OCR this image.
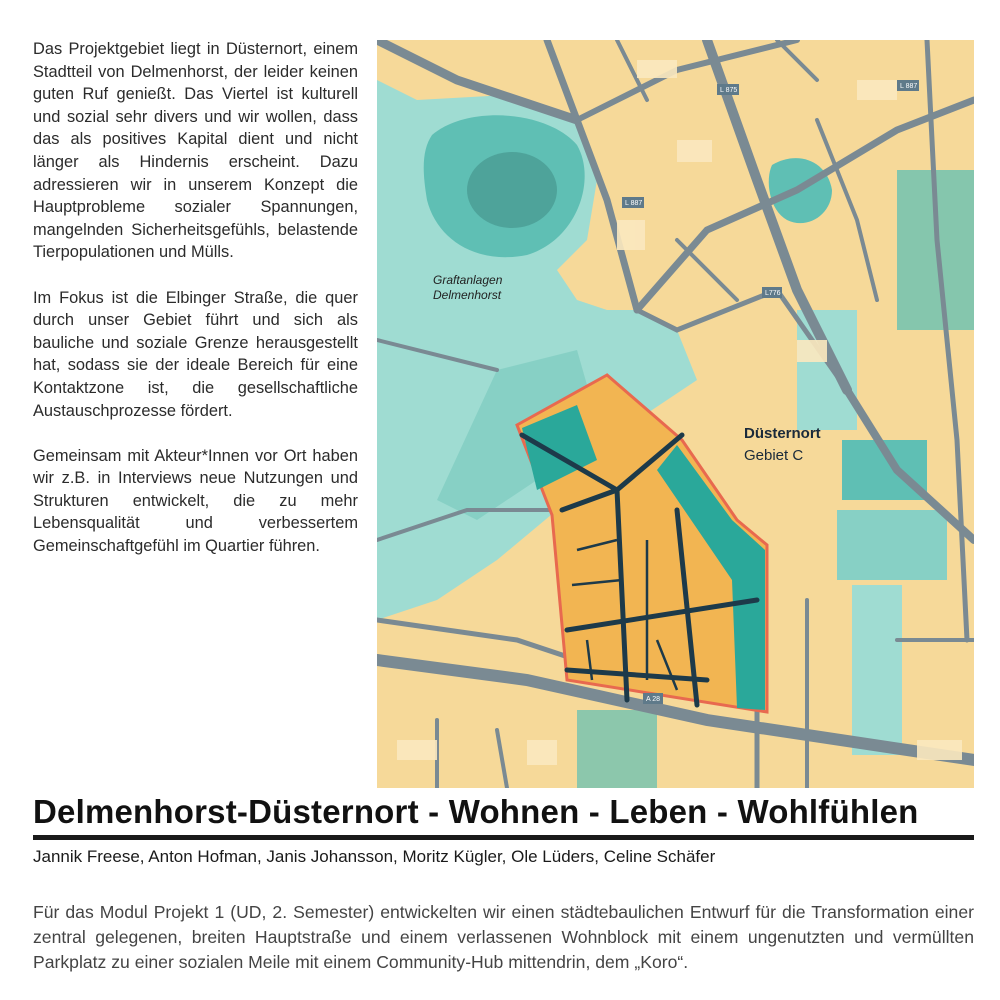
Das Projektgebiet liegt in Düsternort, einem Stadtteil von Delmenhorst, der leider keinen guten Ruf genießt. Das Viertel ist kulturell und sozial sehr divers und wir wollen, dass das als positives Kapital dient und nicht länger als Hindernis erscheint. Dazu adressieren wir in unserem Konzept die Hauptprobleme sozialer Spannungen, mangelnden Sicherheitsgefühls, belastende Tierpopulationen und Mülls.

Im Fokus ist die Elbinger Straße, die quer durch unser Gebiet führt und sich als bauliche und soziale Grenze herausgestellt hat, sodass sie der ideale Bereich für eine Kontaktzone ist, die gesellschaftliche Austauschprozesse fördert.

Gemeinsam mit Akteur*Innen vor Ort haben wir z.B. in Interviews neue Nutzungen und Strukturen entwickelt, die zu mehr Lebensqualität und verbessertem Gemeinschaftgefühl im Quartier führen.

L 875
L 887
L 887
L776
A 28
Graftanlagen
Delmenhorst
Düsternort
Gebiet C
Delmenhorst-Düsternort - Wohnen - Leben - Wohlfühlen
Jannik Freese, Anton Hofman, Janis Johansson, Moritz Kügler, Ole Lüders, Celine Schäfer
Für das Modul Projekt 1 (UD, 2. Semester) entwickelten wir einen städtebaulichen Entwurf für die Transformation einer zentral gelegenen, breiten Hauptstraße und einem verlassenen Wohnblock mit einem ungenutzten und vermüllten Parkplatz zu einer sozialen Meile mit einem Community-Hub mittendrin, dem „Koro“.
